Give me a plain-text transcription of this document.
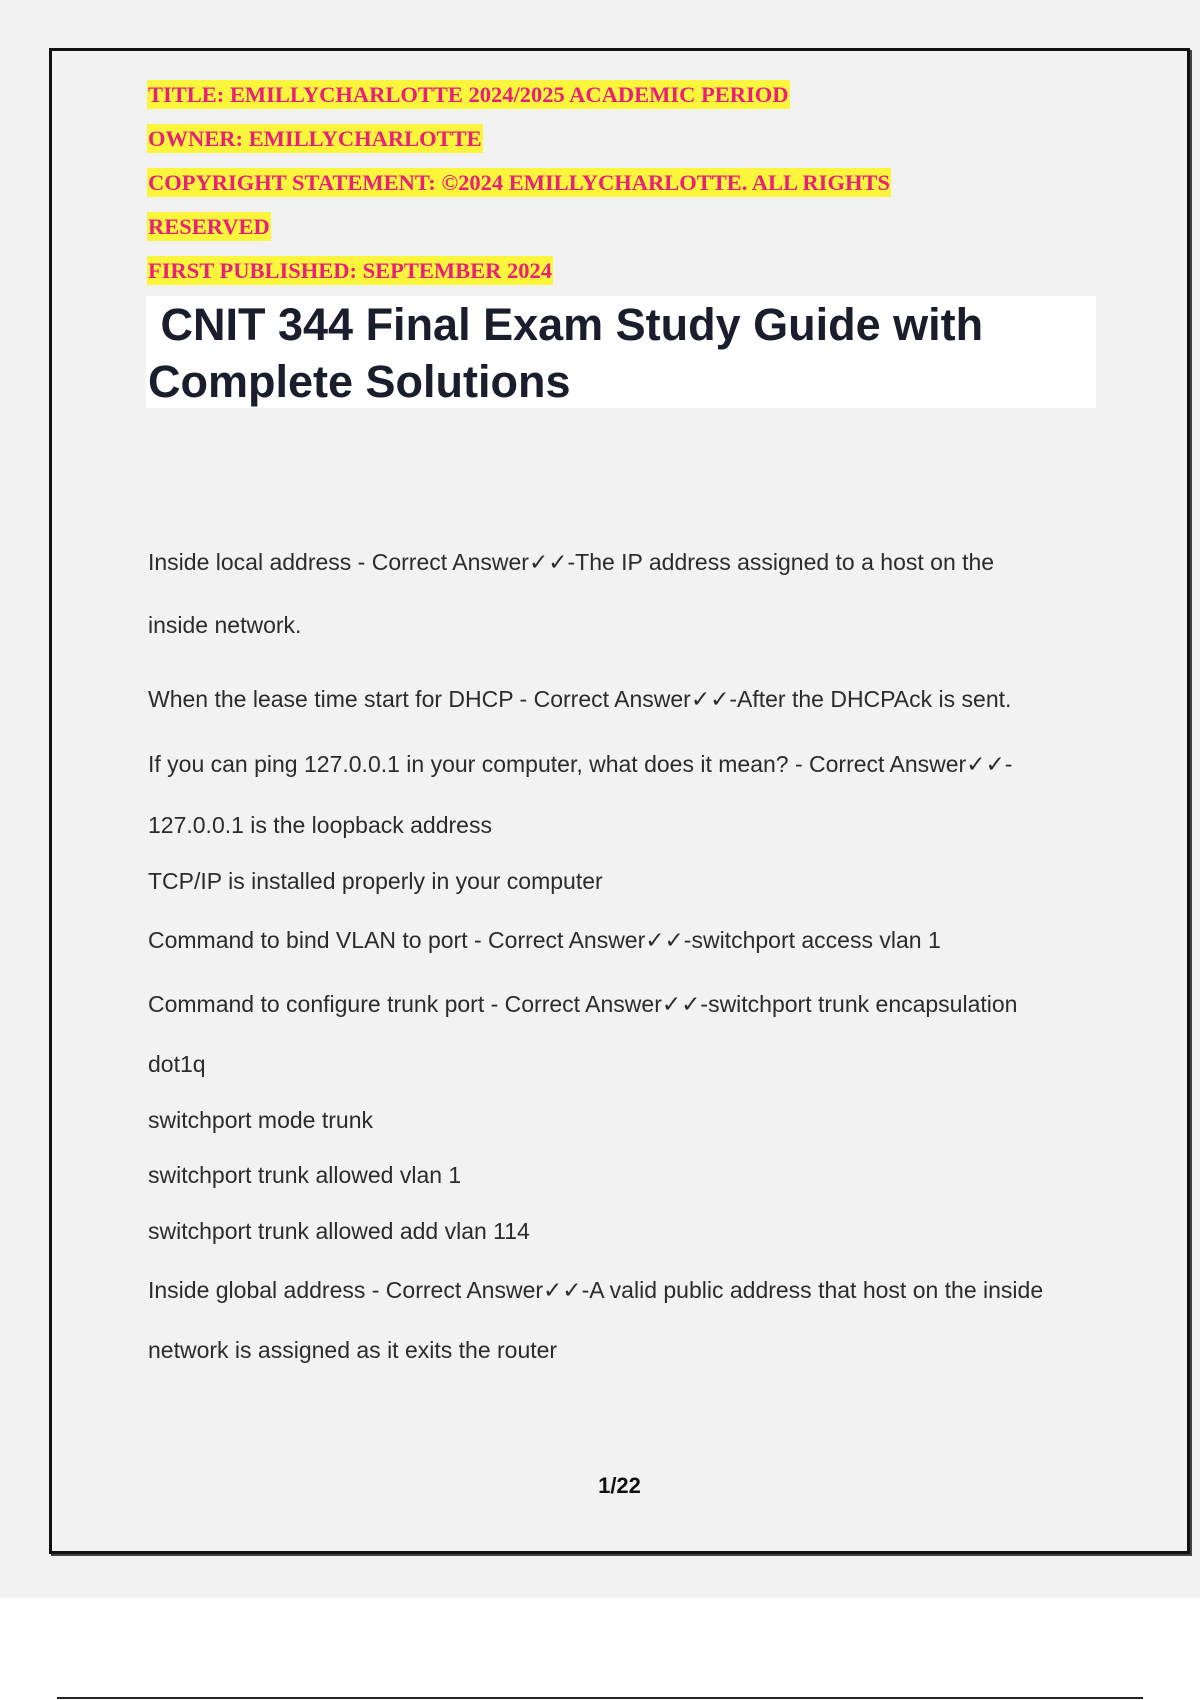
TITLE: EMILLYCHARLOTTE 2024/2025 ACADEMIC PERIOD
OWNER: EMILLYCHARLOTTE
COPYRIGHT STATEMENT: ©2024 EMILLYCHARLOTTE. ALL RIGHTS
RESERVED
FIRST PUBLISHED: SEPTEMBER 2024
CNIT 344 Final Exam Study Guide with
Complete Solutions
Inside local address - Correct Answer✓✓-The IP address assigned to a host on the
inside network.
When the lease time start for DHCP - Correct Answer✓✓-After the DHCPAck is sent.
If you can ping 127.0.0.1 in your computer, what does it mean? - Correct Answer✓✓-
127.0.0.1 is the loopback address
TCP/IP is installed properly in your computer
Command to bind VLAN to port - Correct Answer✓✓-switchport access vlan 1
Command to configure trunk port - Correct Answer✓✓-switchport trunk encapsulation
dot1q
switchport mode trunk
switchport trunk allowed vlan 1
switchport trunk allowed add vlan 114
Inside global address - Correct Answer✓✓-A valid public address that host on the inside
network is assigned as it exits the router
1/22
